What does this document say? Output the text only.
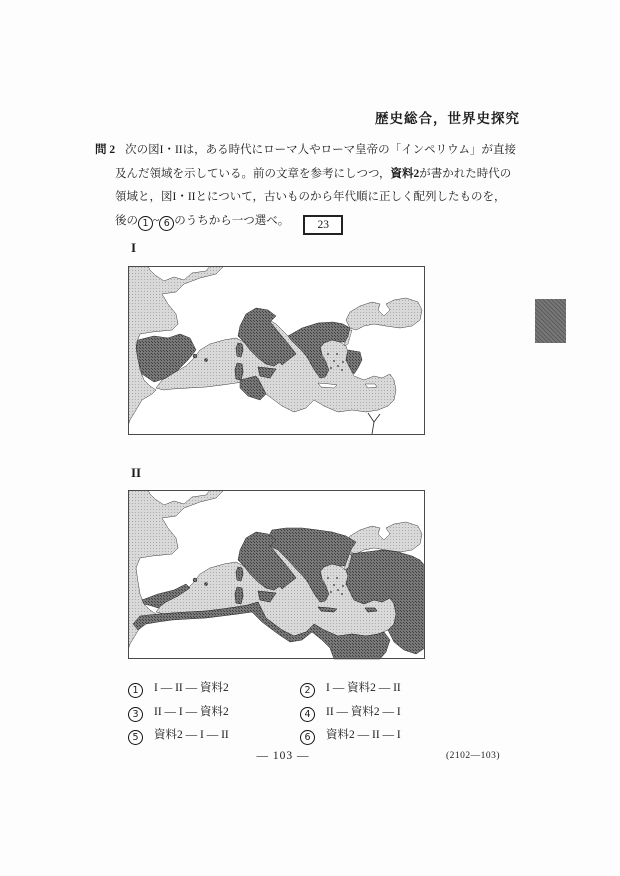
歴史総合，世界史探究
問 2 次の図I・IIは，ある時代にローマ人やローマ皇帝の「インペリウム」が直接
及んだ領域を示している。前の文章を参考にしつつ，資料2が書かれた時代の
領域と，図I・IIとについて，古いものから年代順に正しく配列したものを，
後の 1 ~ 6 のうちから一つ選べ。 23
I
II
1 I — II — 資料2	2 I — 資料2 — II
3 II — I — 資料2	4 II — 資料2 — I
5 資料2 — I — II	6 資料2 — II — I
— 103 —	(2102—103)
